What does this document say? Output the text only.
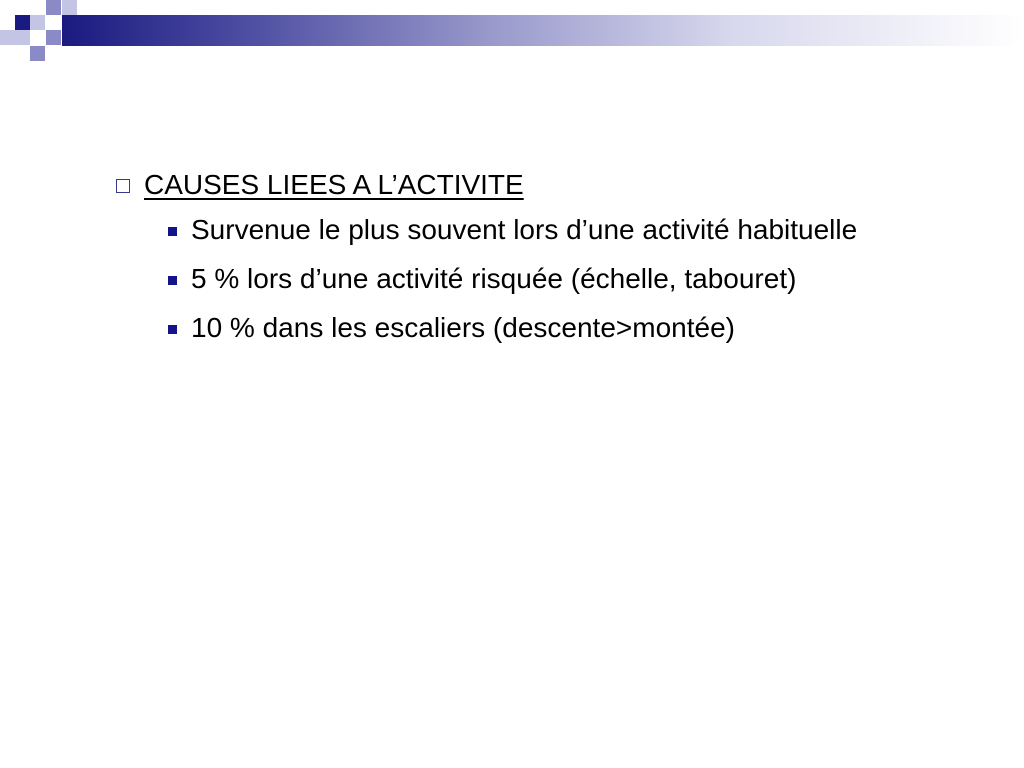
CAUSES LIEES A L’ACTIVITE
Survenue le plus souvent lors d’une activité habituelle
5 % lors d’une activité risquée (échelle, tabouret)
10 % dans les escaliers (descente>montée)
